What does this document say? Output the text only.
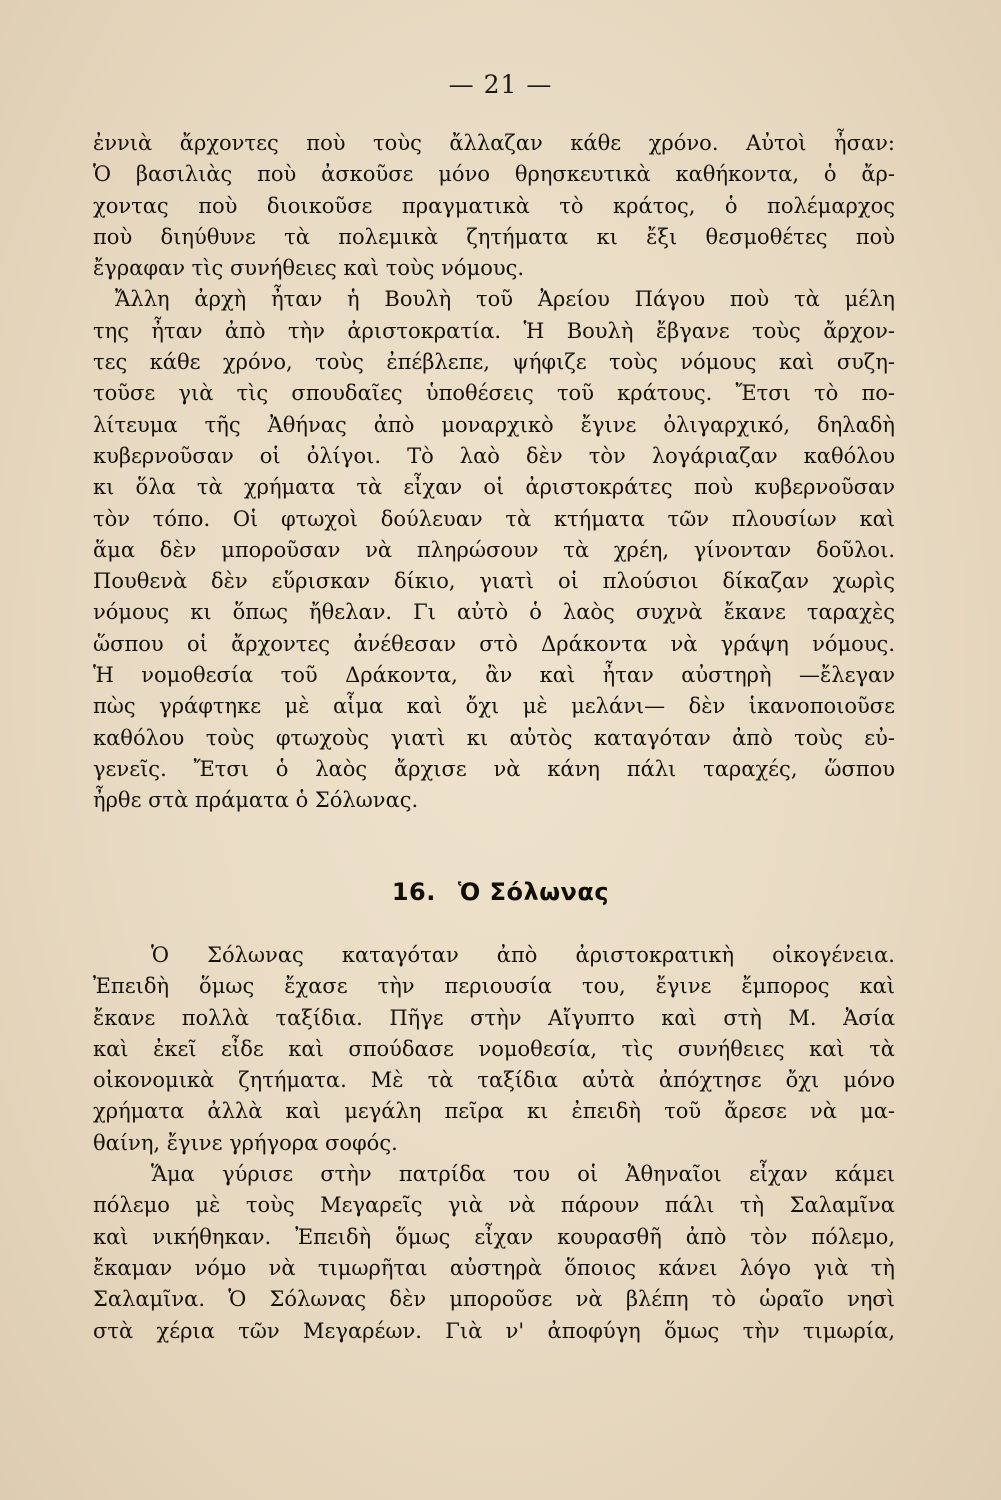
— 21 —
ἐννιὰ ἄρχοντες ποὺ τοὺς ἄλλαζαν κάθε χρόνο. Αὐτοὶ ἦσαν:
Ὁ βασιλιὰς ποὺ ἀσκοῦσε μόνο θρησκευτικὰ καθήκοντα, ὁ ἄρ-
χοντας ποὺ διοικοῦσε πραγματικὰ τὸ κράτος, ὁ πολέμαρχος
ποὺ διηύθυνε τὰ πολεμικὰ ζητήματα κι ἔξι θεσμοθέτες ποὺ
ἔγραφαν τὶς συνήθειες καὶ τοὺς νόμους.
Ἄλλη ἀρχὴ ἦταν ἡ Βουλὴ τοῦ Ἀρείου Πάγου ποὺ τὰ μέλη
της ἦταν ἀπὸ τὴν ἀριστοκρατία. Ἡ Βουλὴ ἔβγανε τοὺς ἄρχον-
τες κάθε χρόνο, τοὺς ἐπέβλεπε, ψήφιζε τοὺς νόμους καὶ συζη-
τοῦσε γιὰ τὶς σπουδαῖες ὑποθέσεις τοῦ κράτους. Ἔτσι τὸ πο-
λίτευμα τῆς Ἀθήνας ἀπὸ μοναρχικὸ ἔγινε ὀλιγαρχικό, δηλαδὴ
κυβερνοῦσαν οἱ ὀλίγοι. Τὸ λαὸ δὲν τὸν λογάριαζαν καθόλου
κι ὅλα τὰ χρήματα τὰ εἶχαν οἱ ἀριστοκράτες ποὺ κυβερνοῦσαν
τὸν τόπο. Οἱ φτωχοὶ δούλευαν τὰ κτήματα τῶν πλουσίων καὶ
ἅμα δὲν μποροῦσαν νὰ πληρώσουν τὰ χρέη, γίνονταν δοῦλοι.
Πουθενὰ δὲν εὕρισκαν δίκιο, γιατὶ οἱ πλούσιοι δίκαζαν χωρὶς
νόμους κι ὅπως ἤθελαν. Γι αὐτὸ ὁ λαὸς συχνὰ ἔκανε ταραχὲς
ὥσπου οἱ ἄρχοντες ἀνέθεσαν στὸ Δράκοντα νὰ γράψη νόμους.
Ἡ νομοθεσία τοῦ Δράκοντα, ἂν καὶ ἦταν αὐστηρὴ —ἔλεγαν
πὼς γράφτηκε μὲ αἷμα καὶ ὄχι μὲ μελάνι— δὲν ἱκανοποιοῦσε
καθόλου τοὺς φτωχοὺς γιατὶ κι αὐτὸς καταγόταν ἀπὸ τοὺς εὐ-
γενεῖς. Ἔτσι ὁ λαὸς ἄρχισε νὰ κάνη πάλι ταραχές, ὥσπου
ἦρθε στὰ πράματα ὁ Σόλωνας.
16. Ὁ Σόλωνας
Ὁ Σόλωνας καταγόταν ἀπὸ ἀριστοκρατικὴ οἰκογένεια.
Ἐπειδὴ ὅμως ἔχασε τὴν περιουσία του, ἔγινε ἔμπορος καὶ
ἔκανε πολλὰ ταξίδια. Πῆγε στὴν Αἴγυπτο καὶ στὴ Μ. Ἀσία
καὶ ἐκεῖ εἶδε καὶ σπούδασε νομοθεσία, τὶς συνήθειες καὶ τὰ
οἰκονομικὰ ζητήματα. Μὲ τὰ ταξίδια αὐτὰ ἀπόχτησε ὄχι μόνο
χρήματα ἀλλὰ καὶ μεγάλη πεῖρα κι ἐπειδὴ τοῦ ἄρεσε νὰ μα-
θαίνη, ἔγινε γρήγορα σοφός.
Ἅμα γύρισε στὴν πατρίδα του οἱ Ἀθηναῖοι εἶχαν κάμει
πόλεμο μὲ τοὺς Μεγαρεῖς γιὰ νὰ πάρουν πάλι τὴ Σαλαμῖνα
καὶ νικήθηκαν. Ἐπειδὴ ὅμως εἶχαν κουρασθῆ ἀπὸ τὸν πόλεμο,
ἔκαμαν νόμο νὰ τιμωρῆται αὐστηρὰ ὅποιος κάνει λόγο γιὰ τὴ
Σαλαμῖνα. Ὁ Σόλωνας δὲν μποροῦσε νὰ βλέπη τὸ ὡραῖο νησὶ
στὰ χέρια τῶν Μεγαρέων. Γιὰ ν' ἀποφύγη ὅμως τὴν τιμωρία,
